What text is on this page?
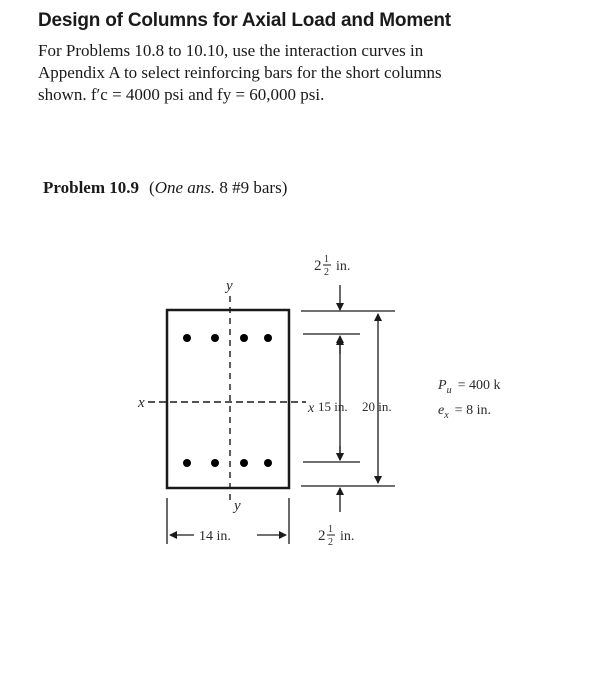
Design of Columns for Axial Load and Moment
For Problems 10.8 to 10.10, use the interaction curves in
Appendix A to select reinforcing bars for the short columns
shown. f′c = 4000 psi and fy = 60,000 psi.
Problem 10.9 (One ans. 8 #9 bars)
y
y
x	x
2 1
2 in.
2 1
2 in.
15 in. 20 in.
14 in.
$P_u = 400$ k
$e_x = 8$ in.
